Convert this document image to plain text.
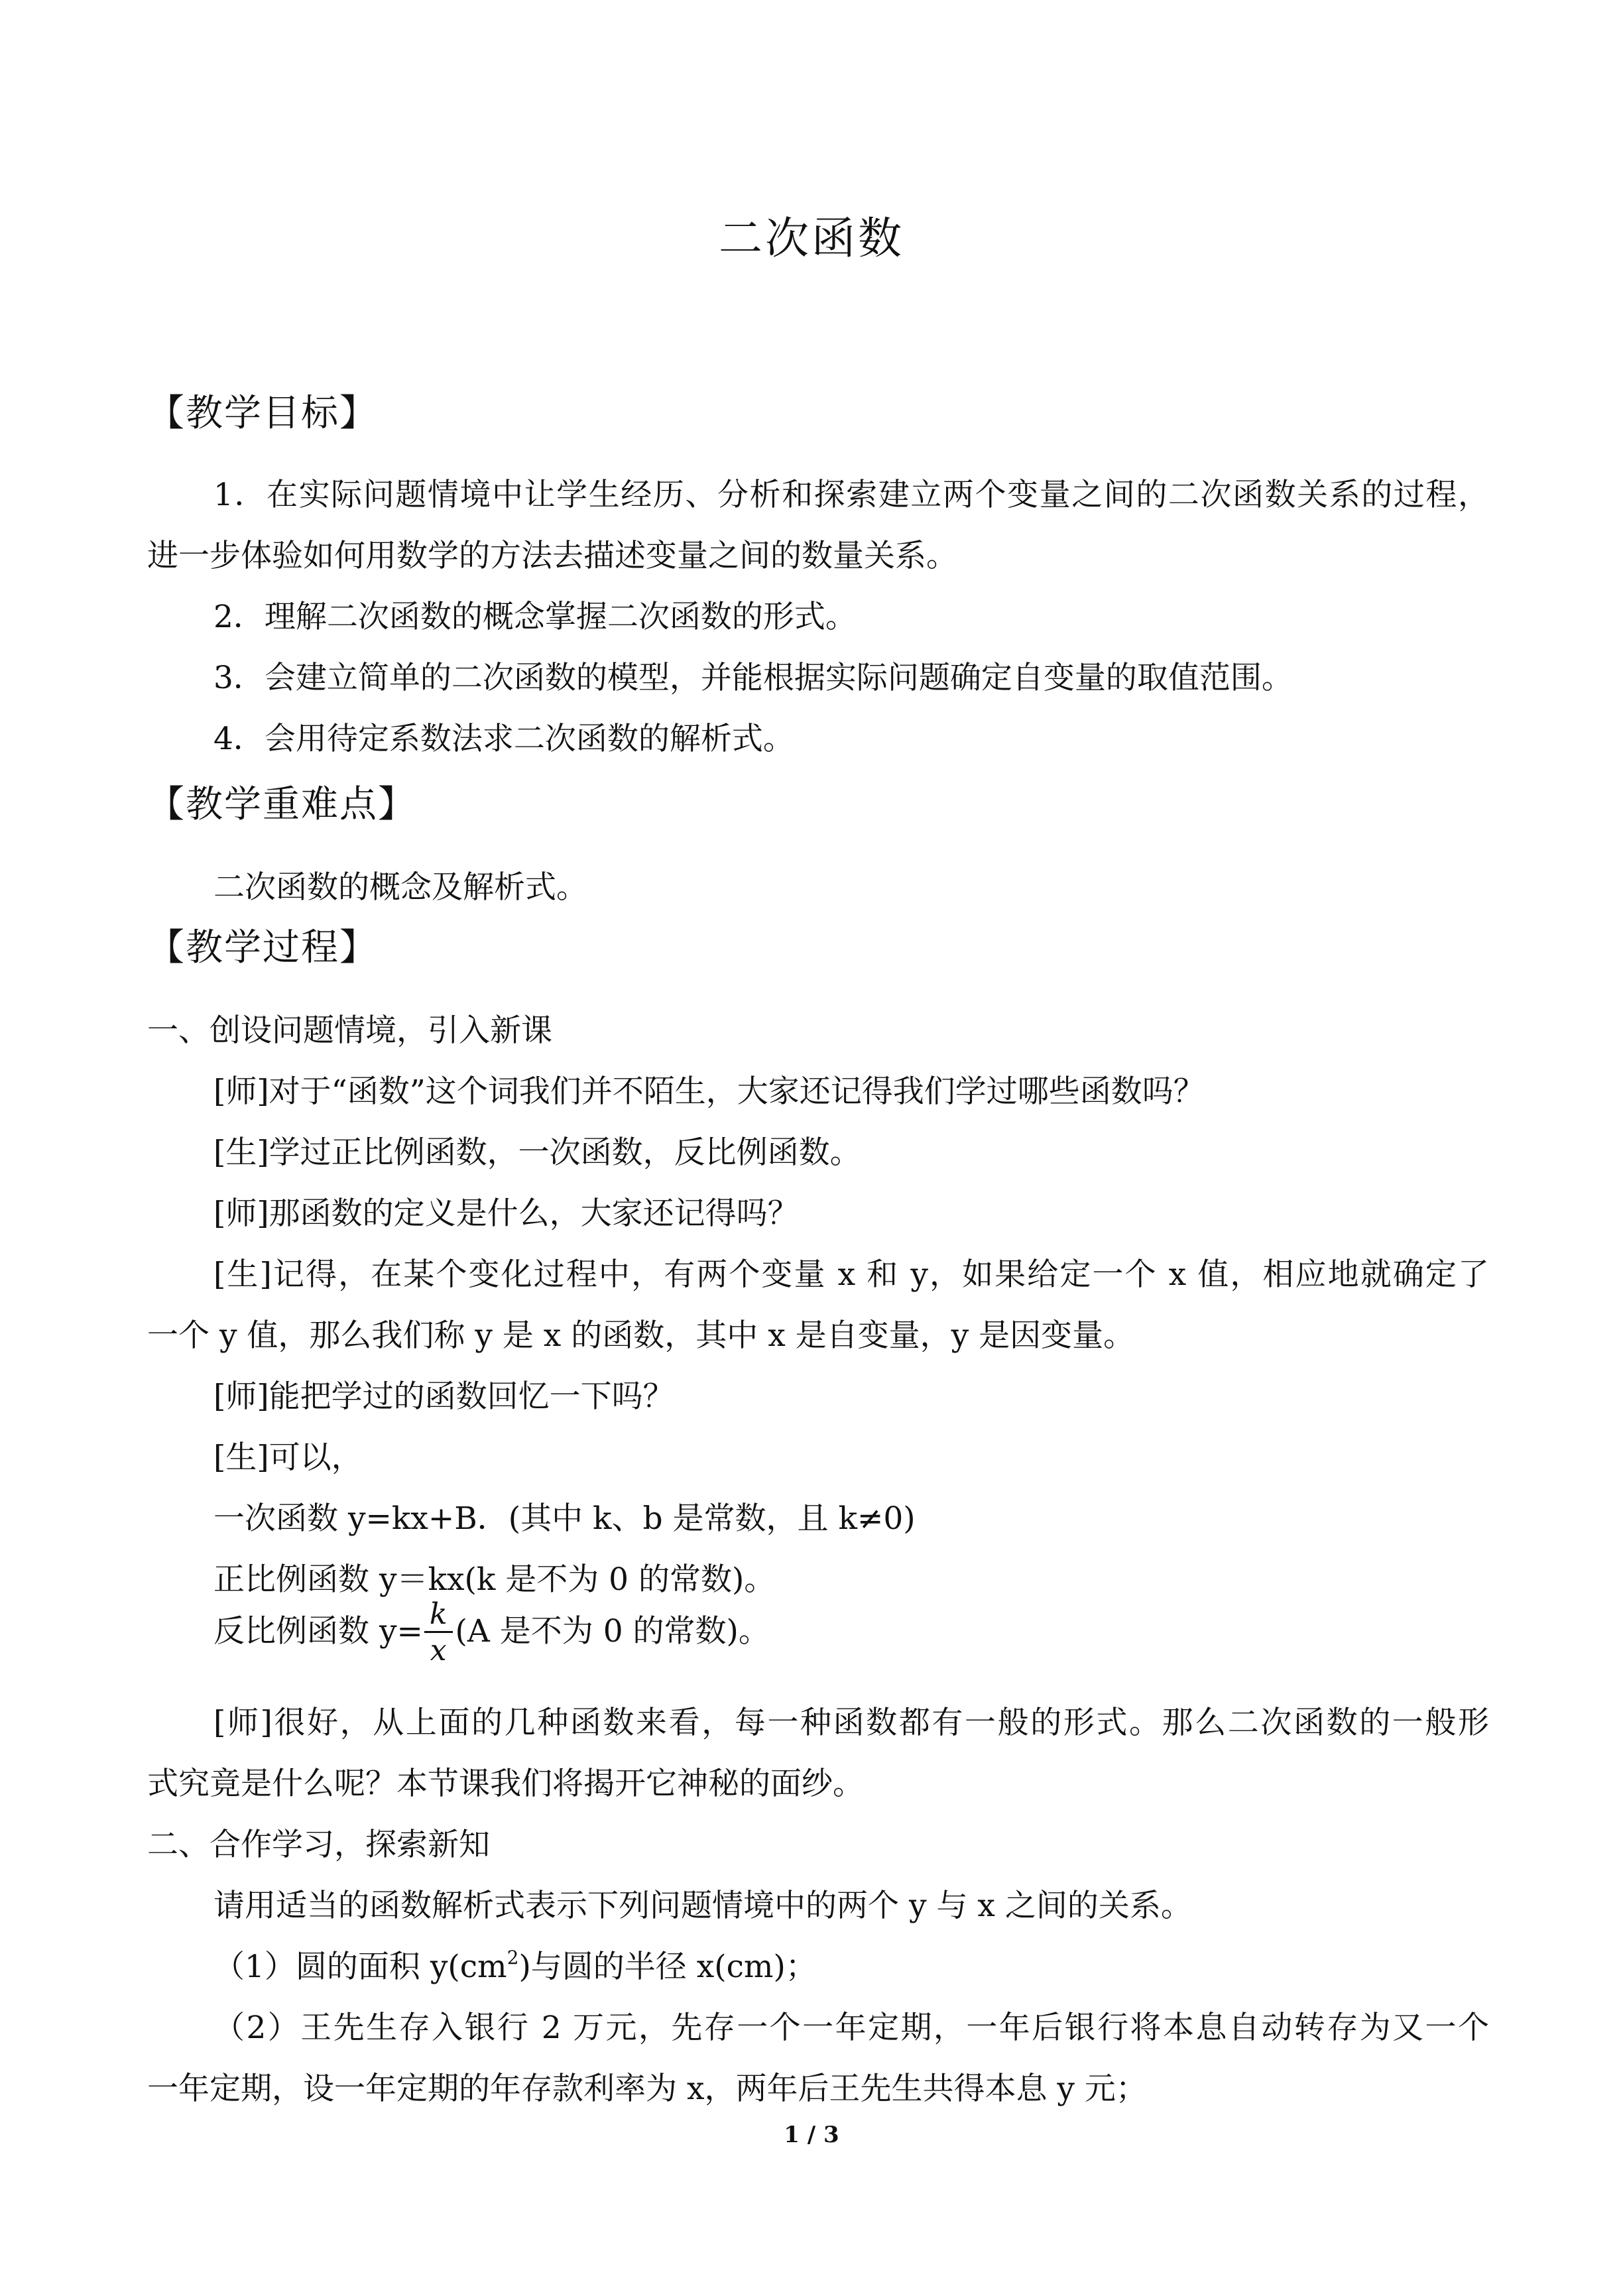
二次函数
【教学目标】
1．在实际问题情境中让学生经历、分析和探索建立两个变量之间的二次函数关系的过程，
进一步体验如何用数学的方法去描述变量之间的数量关系。
2．理解二次函数的概念掌握二次函数的形式。
3．会建立简单的二次函数的模型，并能根据实际问题确定自变量的取值范围。
4．会用待定系数法求二次函数的解析式。
【教学重难点】
二次函数的概念及解析式。
【教学过程】
一、创设问题情境，引入新课
[师]对于“函数”这个词我们并不陌生，大家还记得我们学过哪些函数吗？
[生]学过正比例函数，一次函数，反比例函数。
[师]那函数的定义是什么，大家还记得吗？
[生]记得，在某个变化过程中，有两个变量 x 和 y，如果给定一个 x 值，相应地就确定了
一个 y 值，那么我们称 y 是 x 的函数，其中 x 是自变量，y 是因变量。
[师]能把学过的函数回忆一下吗？
[生]可以，
一次函数 y=kx+B．(其中 k、b 是常数，且 k≠0)
正比例函数 y＝kx(k 是不为 0 的常数)。
反比例函数 $y= \frac{k}{x} (A$ 是不为 0 的常数)。
[师]很好，从上面的几种函数来看，每一种函数都有一般的形式。那么二次函数的一般形
式究竟是什么呢？本节课我们将揭开它神秘的面纱。
二、合作学习，探索新知
请用适当的函数解析式表示下列问题情境中的两个 y 与 x 之间的关系。
（1）圆的面积 $y(cm^2)$与圆的半径 x(cm)；
（2）王先生存入银行 2 万元，先存一个一年定期，一年后银行将本息自动转存为又一个
一年定期，设一年定期的年存款利率为 x，两年后王先生共得本息 y 元；
1 / 3
